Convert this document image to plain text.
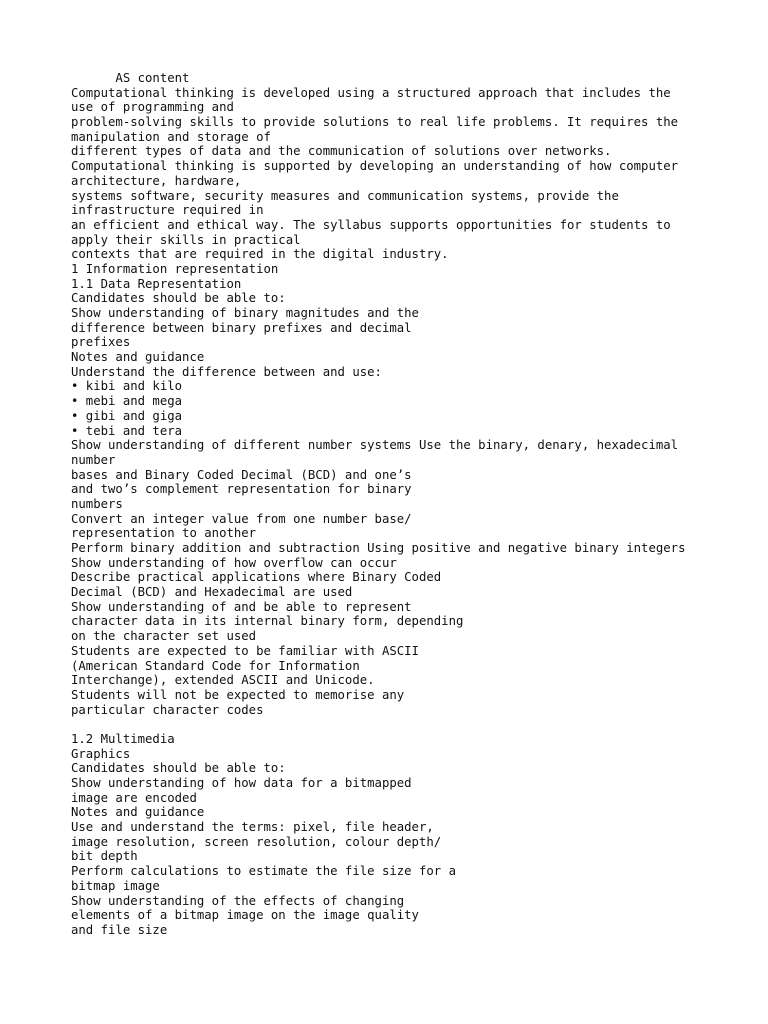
AS content
Computational thinking is developed using a structured approach that includes the
use of programming and
problem-solving skills to provide solutions to real life problems. It requires the
manipulation and storage of
different types of data and the communication of solutions over networks.
Computational thinking is supported by developing an understanding of how computer
architecture, hardware,
systems software, security measures and communication systems, provide the
infrastructure required in
an efficient and ethical way. The syllabus supports opportunities for students to
apply their skills in practical
contexts that are required in the digital industry.
1 Information representation
1.1 Data Representation
Candidates should be able to:
Show understanding of binary magnitudes and the
difference between binary prefixes and decimal
prefixes
Notes and guidance
Understand the difference between and use:
• kibi and kilo
• mebi and mega
• gibi and giga
• tebi and tera
Show understanding of different number systems Use the binary, denary, hexadecimal
number
bases and Binary Coded Decimal (BCD) and one’s
and two’s complement representation for binary
numbers
Convert an integer value from one number base/
representation to another
Perform binary addition and subtraction Using positive and negative binary integers
Show understanding of how overflow can occur
Describe practical applications where Binary Coded
Decimal (BCD) and Hexadecimal are used
Show understanding of and be able to represent
character data in its internal binary form, depending
on the character set used
Students are expected to be familiar with ASCII
(American Standard Code for Information
Interchange), extended ASCII and Unicode.
Students will not be expected to memorise any
particular character codes
1.2 Multimedia
Graphics
Candidates should be able to:
Show understanding of how data for a bitmapped
image are encoded
Notes and guidance
Use and understand the terms: pixel, file header,
image resolution, screen resolution, colour depth/
bit depth
Perform calculations to estimate the file size for a
bitmap image
Show understanding of the effects of changing
elements of a bitmap image on the image quality
and file size
